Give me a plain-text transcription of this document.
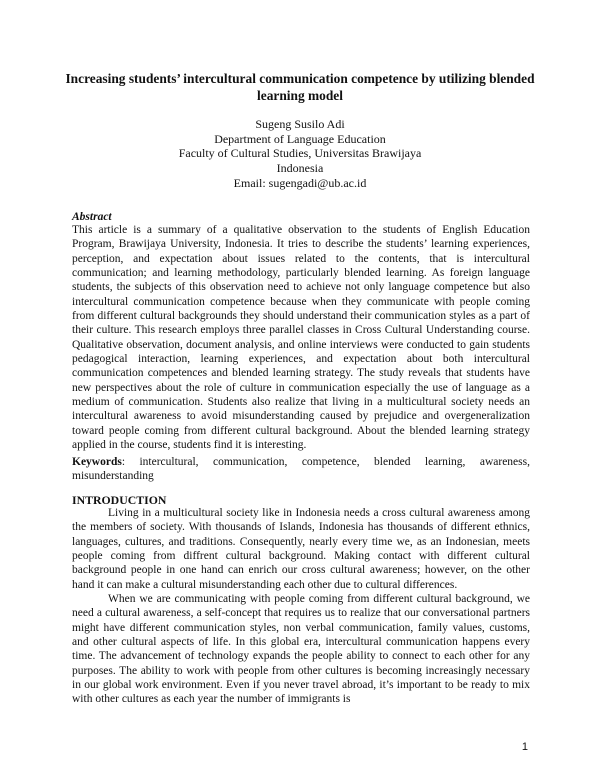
Increasing students’ intercultural communication competence by utilizing blended learning model
Sugeng Susilo Adi
Department of Language Education
Faculty of Cultural Studies, Universitas Brawijaya
Indonesia
Email: sugengadi@ub.ac.id
Abstract

This article is a summary of a qualitative observation to the students of English Education Program, Brawijaya University, Indonesia. It tries to describe the students’ learning experiences, perception, and expectation about issues related to the contents, that is intercultural communication; and learning methodology, particularly blended learning. As foreign language students, the subjects of this observation need to achieve not only language competence but also intercultural communication competence because when they communicate with people coming from different cultural backgrounds they should understand their communication styles as a part of their culture. This research employs three parallel classes in Cross Cultural Understanding course. Qualitative observation, document analysis, and online interviews were conducted to gain students pedagogical interaction, learning experiences, and expectation about both intercultural communication competences and blended learning strategy. The study reveals that students have new perspectives about the role of culture in communication especially the use of language as a medium of communication. Students also realize that living in a multicultural society needs an intercultural awareness to avoid misunderstanding caused by prejudice and overgeneralization toward people coming from different cultural background. About the blended learning strategy applied in the course, students find it is interesting.

Keywords: intercultural, communication, competence, blended learning, awareness, misunderstanding

INTRODUCTION

Living in a multicultural society like in Indonesia needs a cross cultural awareness among the members of society. With thousands of Islands, Indonesia has thousands of different ethnics, languages, cultures, and traditions. Consequently, nearly every time we, as an Indonesian, meets people coming from diffrent cultural background. Making contact with different cultural background people in one hand can enrich our cross cultural awareness; however, on the other hand it can make a cultural misunderstanding each other due to cultural differences.

When we are communicating with people coming from different cultural background, we need a cultural awareness, a self-concept that requires us to realize that our conversational partners might have different communication styles, non verbal communication, family values, customs, and other cultural aspects of life. In this global era, intercultural communication happens every time. The advancement of technology expands the people ability to connect to each other for any purposes. The ability to work with people from other cultures is becoming increasingly necessary in our global work environment. Even if you never travel abroad, it’s important to be ready to mix with other cultures as each year the number of immigrants is

1
